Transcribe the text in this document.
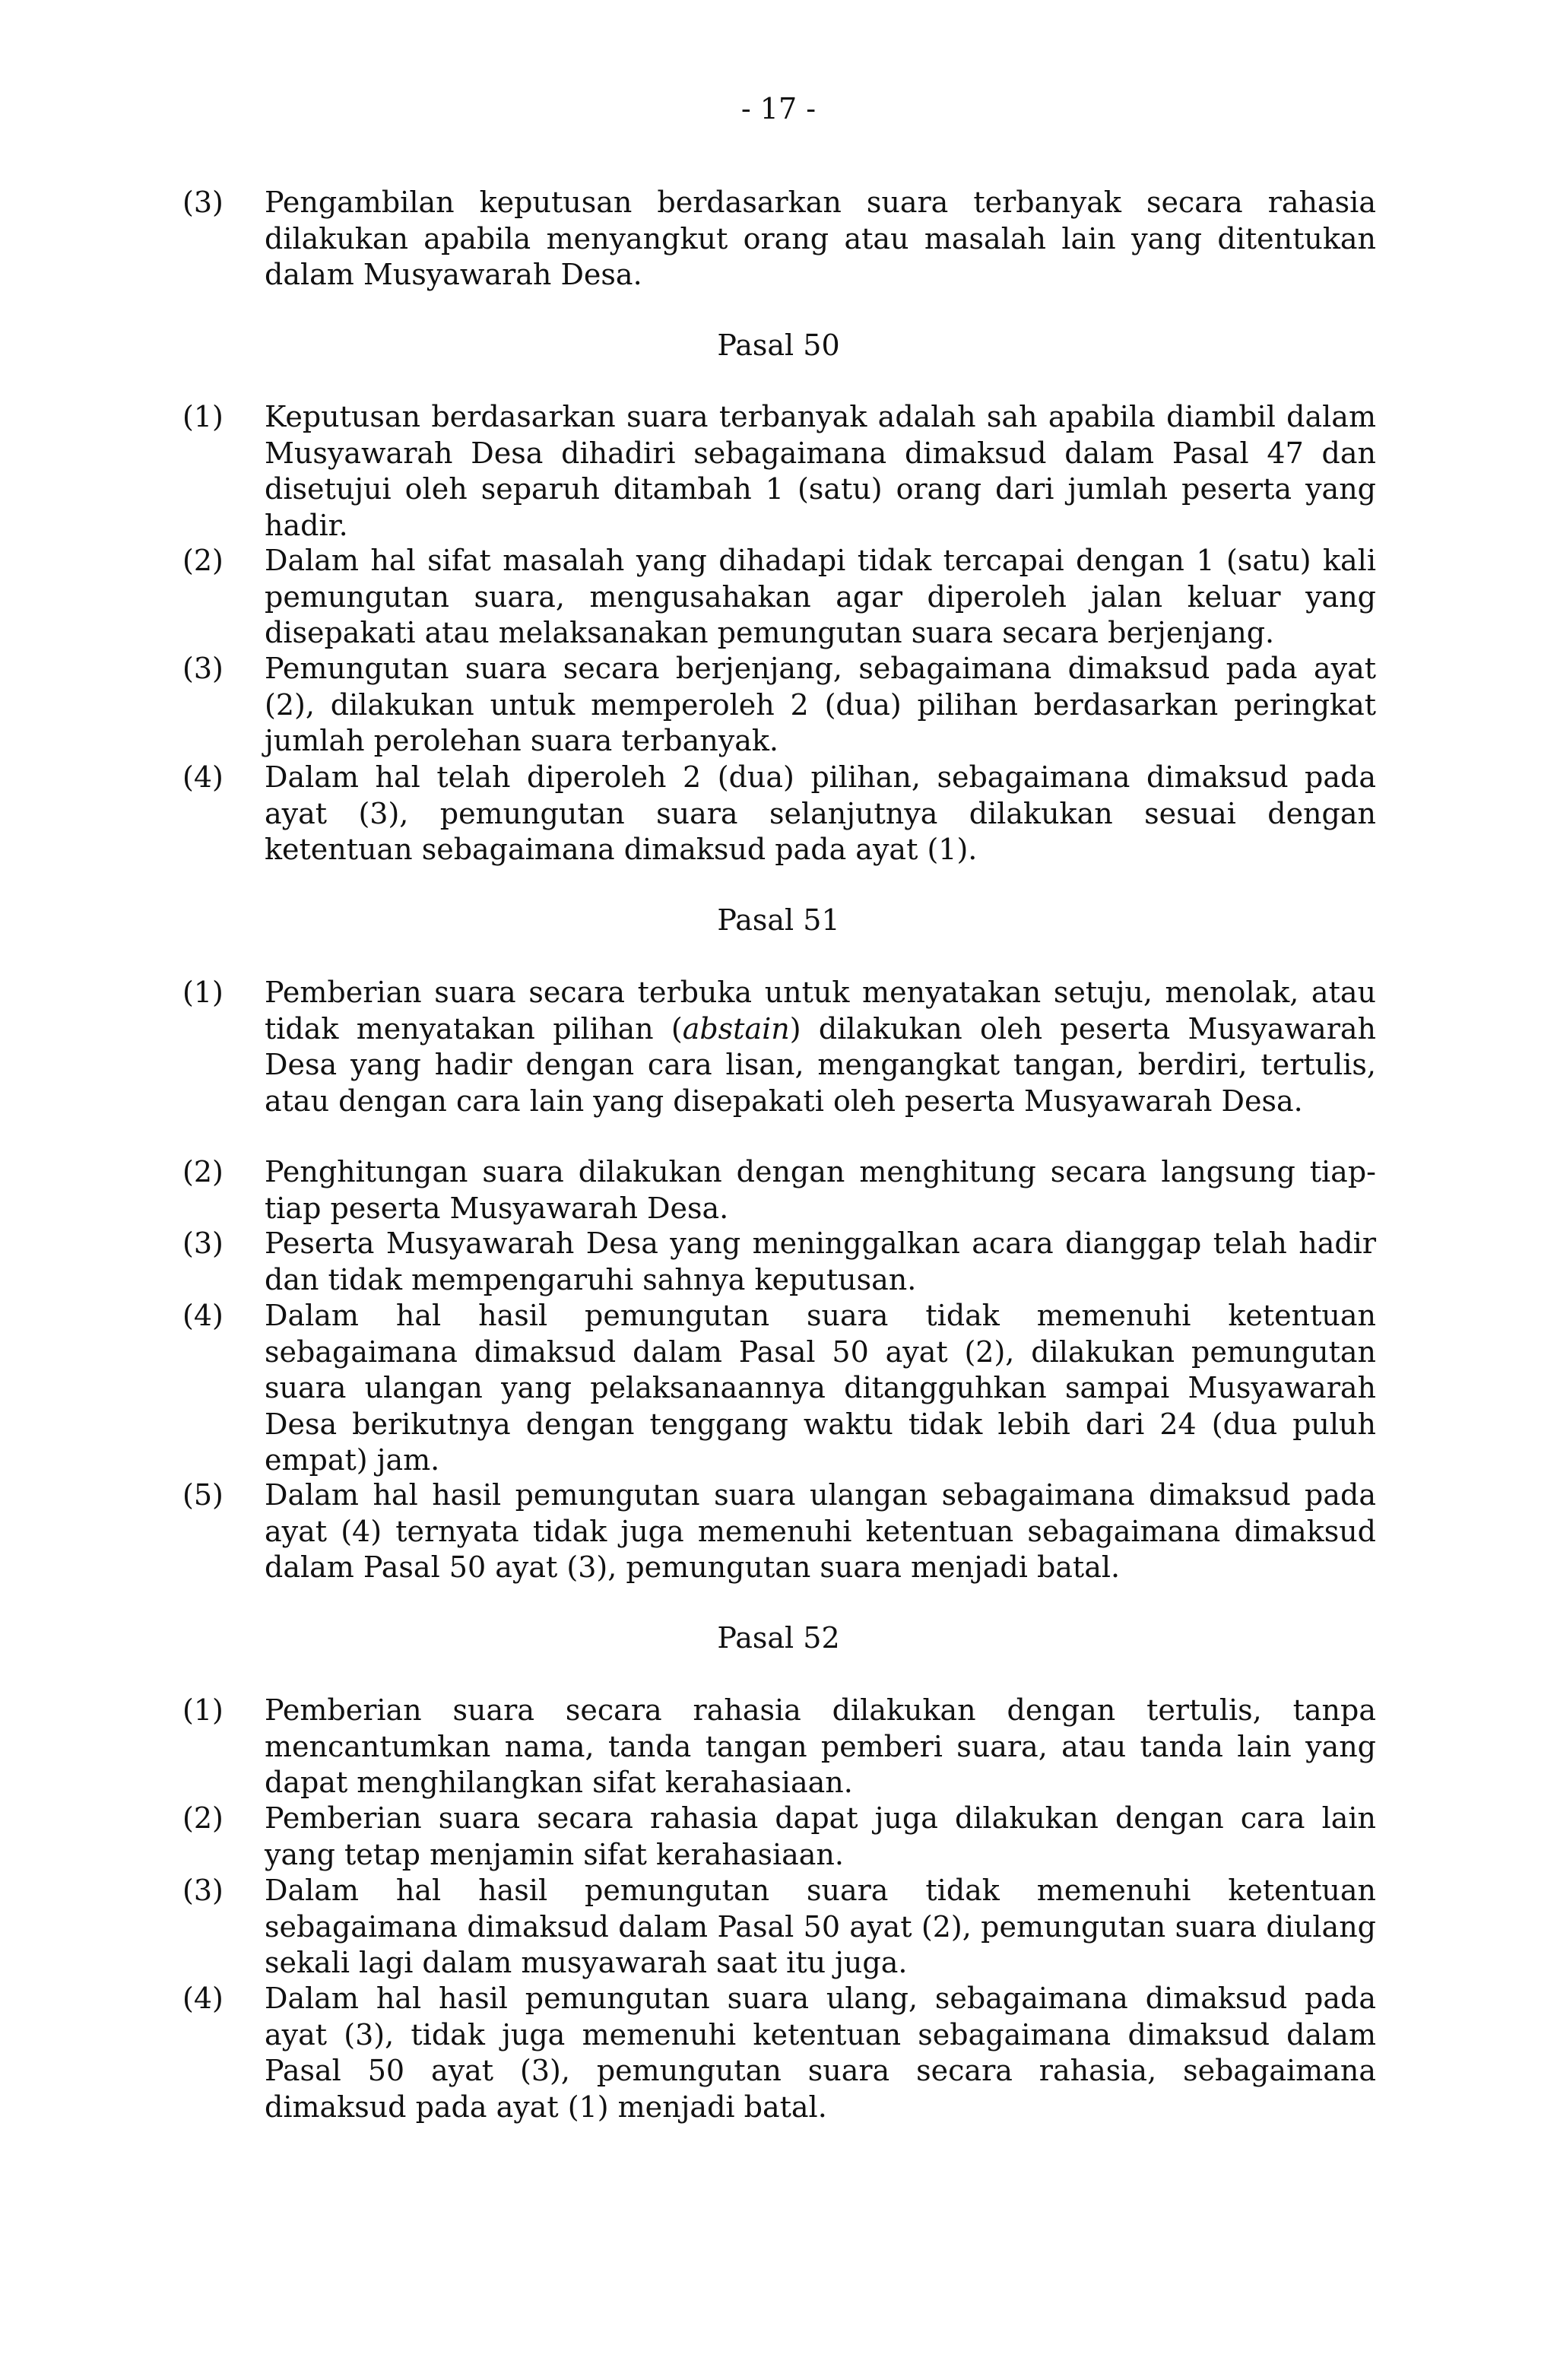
- 17 -
(3) Pengambilan keputusan berdasarkan suara terbanyak secara rahasia dilakukan apabila menyangkut orang atau masalah lain yang ditentukan dalam Musyawarah Desa.
Pasal 50
(1) Keputusan berdasarkan suara terbanyak adalah sah apabila diambil dalam Musyawarah Desa dihadiri sebagaimana dimaksud dalam Pasal 47 dan disetujui oleh separuh ditambah 1 (satu) orang dari jumlah peserta yang hadir.
(2) Dalam hal sifat masalah yang dihadapi tidak tercapai dengan 1 (satu) kali pemungutan suara, mengusahakan agar diperoleh jalan keluar yang disepakati atau melaksanakan pemungutan suara secara berjenjang.
(3) Pemungutan suara secara berjenjang, sebagaimana dimaksud pada ayat (2), dilakukan untuk memperoleh 2 (dua) pilihan berdasarkan peringkat jumlah perolehan suara terbanyak.
(4) Dalam hal telah diperoleh 2 (dua) pilihan, sebagaimana dimaksud pada ayat (3), pemungutan suara selanjutnya dilakukan sesuai dengan ketentuan sebagaimana dimaksud pada ayat (1).
Pasal 51
(1) Pemberian suara secara terbuka untuk menyatakan setuju, menolak, atau tidak menyatakan pilihan (abstain) dilakukan oleh peserta Musyawarah Desa yang hadir dengan cara lisan, mengangkat tangan, berdiri, tertulis, atau dengan cara lain yang disepakati oleh peserta Musyawarah Desa.
(2) Penghitungan suara dilakukan dengan menghitung secara langsung tiap-tiap peserta Musyawarah Desa.
(3) Peserta Musyawarah Desa yang meninggalkan acara dianggap telah hadir dan tidak mempengaruhi sahnya keputusan.
(4) Dalam hal hasil pemungutan suara tidak memenuhi ketentuan sebagaimana dimaksud dalam Pasal 50 ayat (2), dilakukan pemungutan suara ulangan yang pelaksanaannya ditangguhkan sampai Musyawarah Desa berikutnya dengan tenggang waktu tidak lebih dari 24 (dua puluh empat) jam.
(5) Dalam hal hasil pemungutan suara ulangan sebagaimana dimaksud pada ayat (4) ternyata tidak juga memenuhi ketentuan sebagaimana dimaksud dalam Pasal 50 ayat (3), pemungutan suara menjadi batal.
Pasal 52
(1) Pemberian suara secara rahasia dilakukan dengan tertulis, tanpa mencantumkan nama, tanda tangan pemberi suara, atau tanda lain yang dapat menghilangkan sifat kerahasiaan.
(2) Pemberian suara secara rahasia dapat juga dilakukan dengan cara lain yang tetap menjamin sifat kerahasiaan.
(3) Dalam hal hasil pemungutan suara tidak memenuhi ketentuan sebagaimana dimaksud dalam Pasal 50 ayat (2), pemungutan suara diulang sekali lagi dalam musyawarah saat itu juga.
(4) Dalam hal hasil pemungutan suara ulang, sebagaimana dimaksud pada ayat (3), tidak juga memenuhi ketentuan sebagaimana dimaksud dalam Pasal 50 ayat (3), pemungutan suara secara rahasia, sebagaimana dimaksud pada ayat (1) menjadi batal.
